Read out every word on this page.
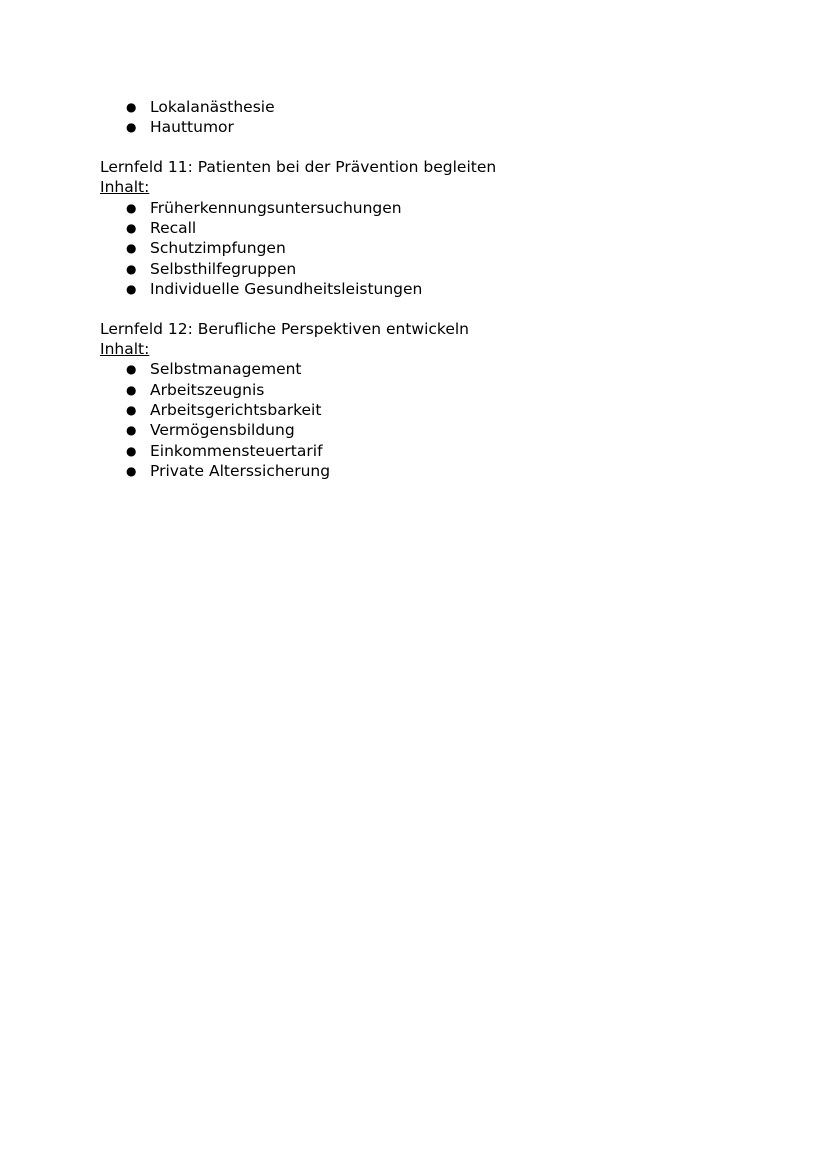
● Lokalanästhesie
● Hauttumor
Lernfeld 11: Patienten bei der Prävention begleiten
Inhalt:
● Früherkennungsuntersuchungen
● Recall
● Schutzimpfungen
● Selbsthilfegruppen
● Individuelle Gesundheitsleistungen
Lernfeld 12: Berufliche Perspektiven entwickeln
Inhalt:
● Selbstmanagement
● Arbeitszeugnis
● Arbeitsgerichtsbarkeit
● Vermögensbildung
● Einkommensteuertarif
● Private Alterssicherung
